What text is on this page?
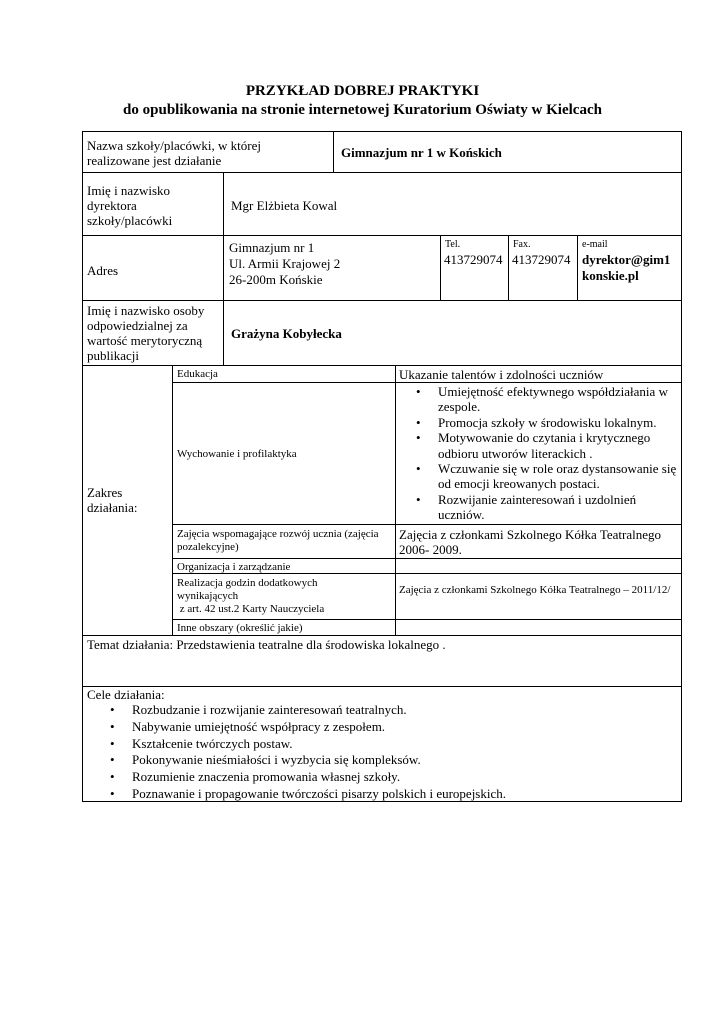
PRZYKŁAD DOBREJ PRAKTYKI
do opublikowania na stronie internetowej Kuratorium Oświaty w Kielcach
Nazwa szkoły/placówki, w której realizowane jest działanie
Gimnazjum nr 1 w Końskich
Imię i nazwisko dyrektora szkoły/placówki
Mgr Elżbieta Kowal
Adres
Gimnazjum nr 1
Ul. Armii Krajowej 2
26-200m Końskie
Tel.
413729074
Fax.
413729074
e-mail
dyrektor@gim1
konskie.pl
Imię i nazwisko osoby odpowiedzialnej za wartość merytoryczną publikacji
Grażyna Kobyłecka
Zakres działania:
Edukacja	Ukazanie talentów i zdolności uczniów
Wychowanie i profilaktyka
• Umiejętność efektywnego współdziałania w zespole.
• Promocja szkoły w środowisku lokalnym.
• Motywowanie do czytania i krytycznego odbioru utworów literackich .
• Wczuwanie się w role oraz dystansowanie się od emocji kreowanych postaci.
• Rozwijanie zainteresowań i uzdolnień uczniów.
Zajęcia wspomagające rozwój ucznia (zajęcia pozalekcyjne)
Zajęcia z członkami Szkolnego Kółka Teatralnego 2006- 2009.
Organizacja i zarządzanie
Realizacja godzin dodatkowych wynikających
z art. 42 ust.2 Karty Nauczyciela
Zajęcia z członkami Szkolnego Kółka Teatralnego – 2011/12/
Inne obszary (określić jakie)
Temat działania: Przedstawienia teatralne dla środowiska lokalnego .
Cele działania:
• Rozbudzanie i rozwijanie zainteresowań teatralnych.
• Nabywanie umiejętność współpracy z zespołem.
• Kształcenie twórczych postaw.
• Pokonywanie nieśmiałości i wyzbycia się kompleksów.
• Rozumienie znaczenia promowania własnej szkoły.
• Poznawanie i propagowanie twórczości pisarzy polskich i europejskich.
